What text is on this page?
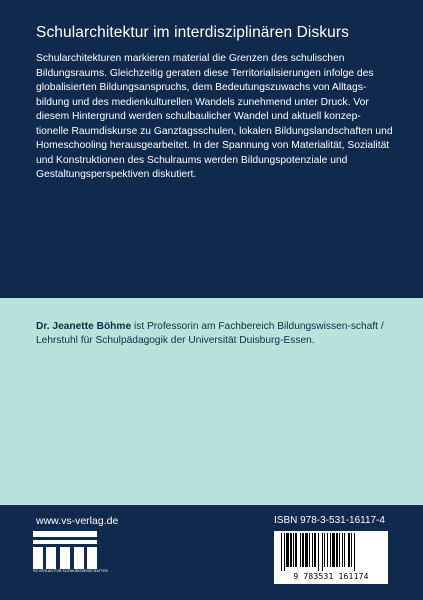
Schularchitektur im interdisziplinären Diskurs

Schularchitekturen markieren material die Grenzen des schulischen Bildungsraums. Gleichzeitig geraten diese Territorialisierungen infolge des globalisierten Bildungsanspruchs, dem Bedeutungszuwachs von Alltags-bildung und des medienkulturellen Wandels zunehmend unter Druck. Vor diesem Hintergrund werden schulbaulicher Wandel und aktuell konzep-tionelle Raumdiskurse zu Ganztagsschulen, lokalen Bildungslandschaften und Homeschooling herausgearbeitet. In der Spannung von Materialität, Sozialität und Konstruktionen des Schulraums werden Bildungspotenziale und Gestaltungsperspektiven diskutiert.

Dr. Jeanette Böhme ist Professorin am Fachbereich Bildungswissen-schaft / Lehrstuhl für Schulpädagogik der Universität Duisburg-Essen.
www.vs-verlag.de
VS VERLAG FÜR SOZIALWISSENSCHAFTEN
ISBN 978-3-531-16117-4
9 783531 161174
